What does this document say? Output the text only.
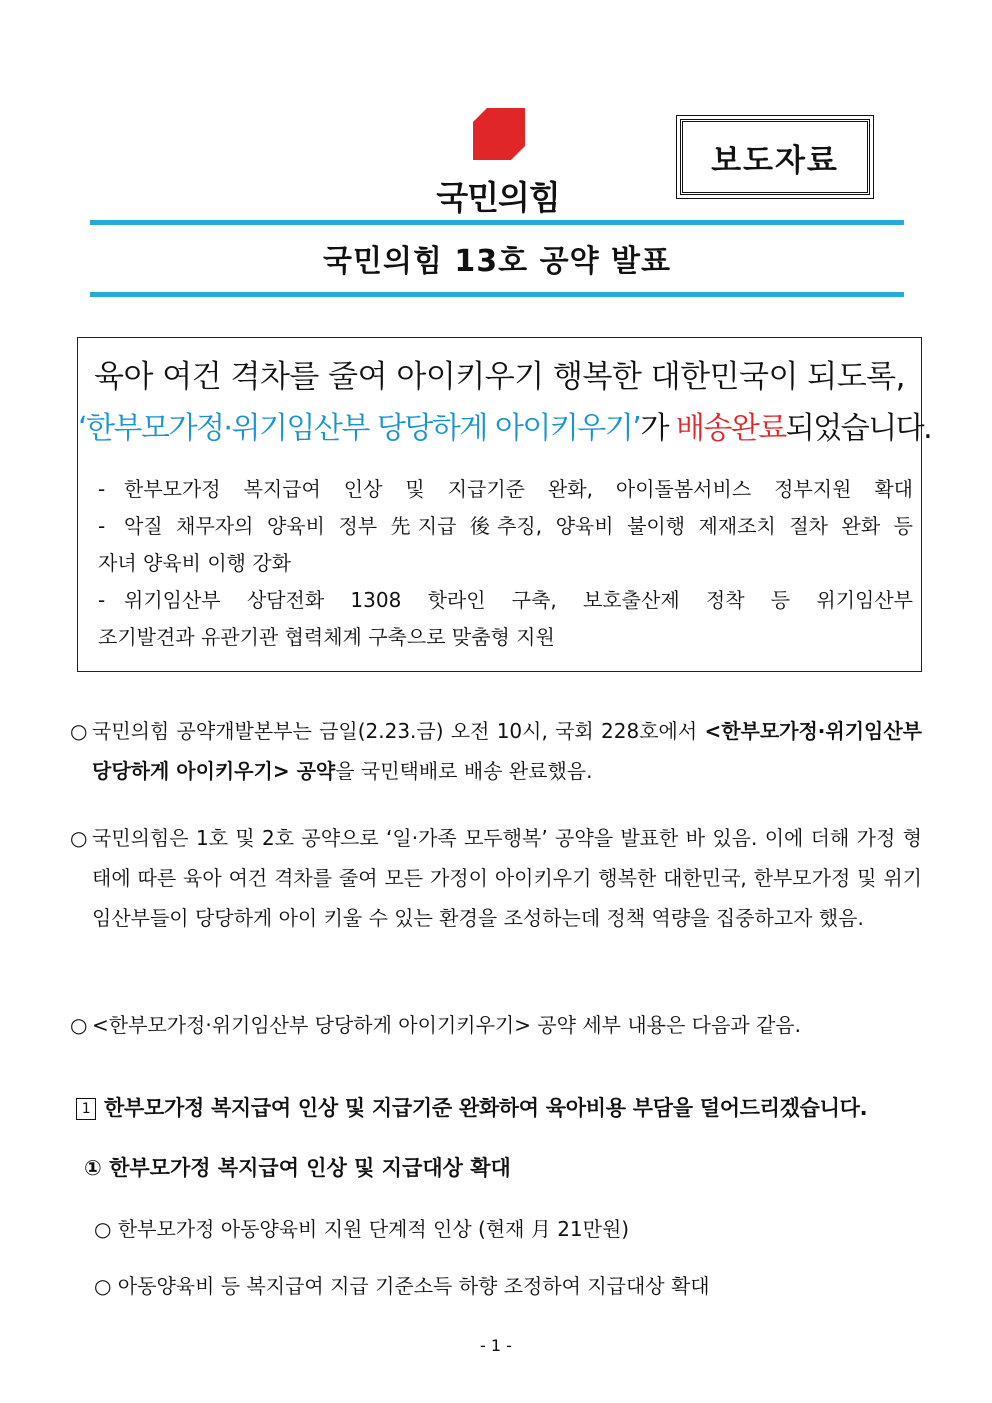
국민의힘
보도자료
국민의힘 13호 공약 발표
육아 여건 격차를 줄여 아이키우기 행복한 대한민국이 되도록,
‘한부모가정·위기임산부 당당하게 아이키우기’가 배송완료되었습니다.
- 한부모가정 복지급여 인상 및 지급기준 완화, 아이돌봄서비스 정부지원 확대
- 악질 채무자의 양육비 정부 先지급 後추징, 양육비 불이행 제재조치 절차 완화 등
자녀 양육비 이행 강화
- 위기임산부 상담전화 1308 핫라인 구축, 보호출산제 정착 등 위기임산부
조기발견과 유관기관 협력체계 구축으로 맞춤형 지원
○ 국민의힘 공약개발본부는 금일(2.23.금) 오전 10시, 국회 228호에서 <한부모가정·위기임산부 당당하게 아이키우기> 공약을 국민택배로 배송 완료했음.
○ 국민의힘은 1호 및 2호 공약으로 ‘일·가족 모두행복’ 공약을 발표한 바 있음. 이에 더해 가정 형태에 따른 육아 여건 격차를 줄여 모든 가정이 아이키우기 행복한 대한민국, 한부모가정 및 위기임산부들이 당당하게 아이 키울 수 있는 환경을 조성하는데 정책 역량을 집중하고자 했음.
○ <한부모가정·위기임산부 당당하게 아이기키우기> 공약 세부 내용은 다음과 같음.
1 한부모가정 복지급여 인상 및 지급기준 완화하여 육아비용 부담을 덜어드리겠습니다.
① 한부모가정 복지급여 인상 및 지급대상 확대
○ 한부모가정 아동양육비 지원 단계적 인상 (현재 月 21만원)
○ 아동양육비 등 복지급여 지급 기준소득 하향 조정하여 지급대상 확대
- 1 -
